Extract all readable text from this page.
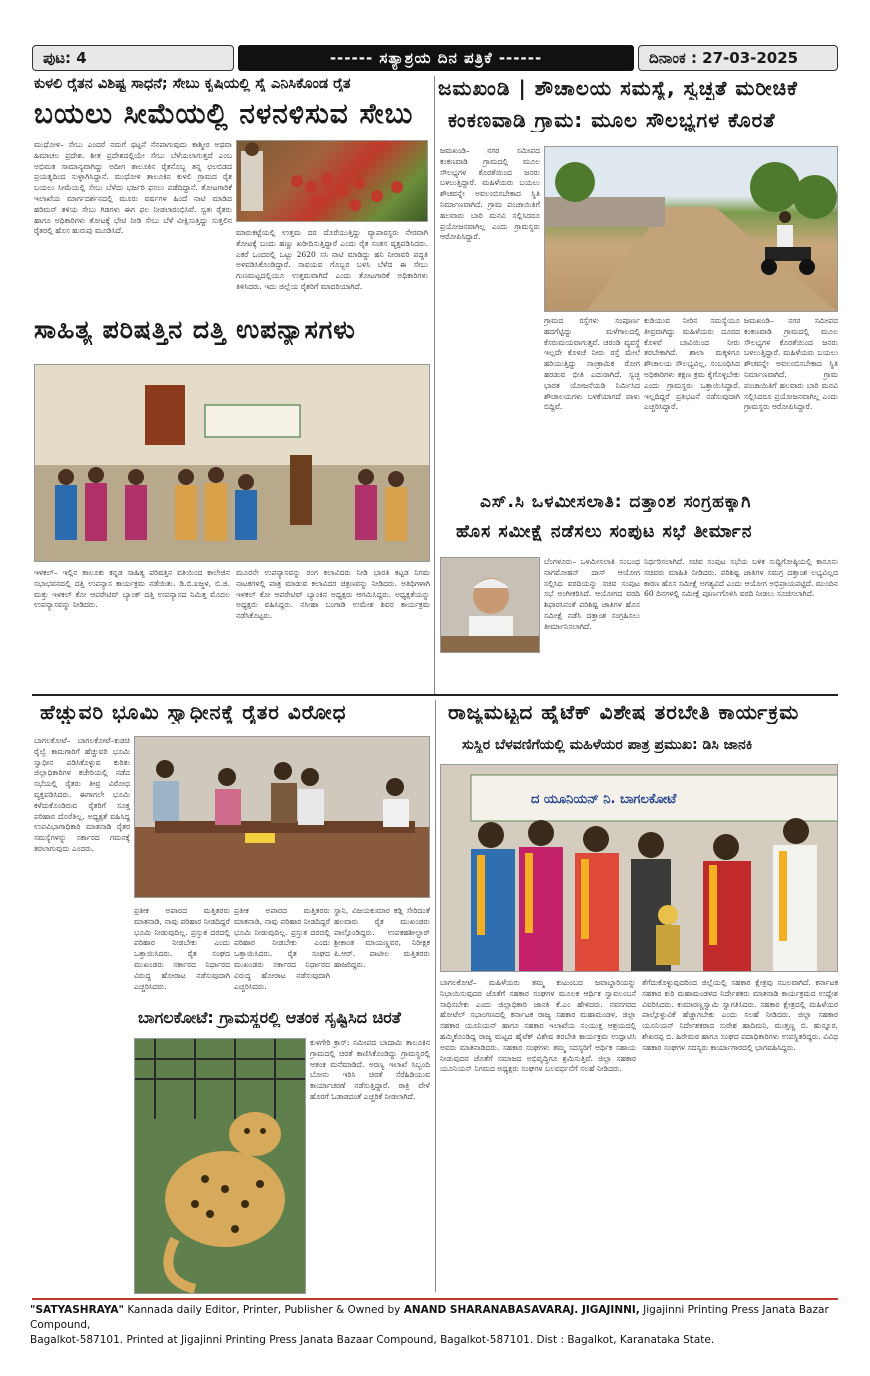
ಪುಟ: 4	------ ಸತ್ಯಾಶ್ರಯ ದಿನ ಪತ್ರಿಕೆ ------	ದಿನಾಂಕ : 27-03-2025
ಕುಳಲಿ ರೈತನ ವಿಶಿಷ್ಟ ಸಾಧನೆ; ಸೇಬು ಕೃಷಿಯಲ್ಲಿ ಸೈ ಎನಿಸಿಕೊಂಡ ರೈತ
ಬಯಲು ಸೀಮೆಯಲ್ಲಿ ನಳನಳಿಸುವ ಸೇಬು
ಮುಧೋಳ– ಸೇಬು ಎಂದರೆ ನಮಗೆ ಥಟ್ಟನೆ ನೆನಪಾಗುವುದು ಕಾಶ್ಮೀರ ಅಥವಾ ಹಿಮಾಚಲ ಪ್ರದೇಶ. ಶೀತ ಪ್ರದೇಶದಲ್ಲಿಯೇ ಸೇಬು ಬೆಳೆಯಲಾಗುತ್ತದೆ ಎಂಬ ಅಭಿಮತ ಸಾಮಾನ್ಯವಾಗಿದ್ದು ಅದೀಗ ತಾಲೂಕಿನ ರೈತನೊಬ್ಬ ತನ್ನ ಛಲಬಿಡದ ಪ್ರಯತ್ನದಿಂದ ಸುಳ್ಳಾಗಿಸಿದ್ದಾನೆ. ಮುಧೋಳ ತಾಲೂಕಿನ ಕುಳಲಿ ಗ್ರಾಮದ ರೈತ ಬಯಲು ಸೀಮೆಯಲ್ಲಿ ಸೇಬು ಬೆಳೆದು ಭರ್ಜರಿ ಫಸಲು ಪಡೆದಿದ್ದಾನೆ. ತೋಟಗಾರಿಕೆ ಇಲಾಖೆಯ ಮಾರ್ಗದರ್ಶನದಲ್ಲಿ ಮೂರು ವರ್ಷಗಳ ಹಿಂದೆ ನಾಟಿ ಮಾಡಿದ ಹರಿಮನ್ ತಳಿಯ ಸೇಬು ಗಿಡಗಳು ಈಗ ಫಲ ನೀಡಲಾರಂಭಿಸಿವೆ. ಸ್ವತಃ ರೈತರು ಹಾಗೂ ಅಧಿಕಾರಿಗಳು ತೋಟಕ್ಕೆ ಭೇಟಿ ನೀಡಿ ಸೇಬು ಬೆಳೆ ವೀಕ್ಷಿಸುತ್ತಿದ್ದು ಸುತ್ತಲಿನ ರೈತರಲ್ಲಿ ಹೊಸ ಹುರುಪು ಮೂಡಿಸಿದೆ.	ಮಾರುಕಟ್ಟೆಯಲ್ಲಿ ಉತ್ತಮ ದರ ದೊರೆಯುತ್ತಿದ್ದು ವ್ಯಾಪಾರಸ್ಥರು ನೇರವಾಗಿ ತೋಟಕ್ಕೆ ಬಂದು ಹಣ್ಣು ಖರೀದಿಸುತ್ತಿದ್ದಾರೆ ಎಂದು ರೈತ ಸಂತಸ ವ್ಯಕ್ತಪಡಿಸಿದರು. ಎಕರೆ ಒಂದರಲ್ಲಿ ಒಟ್ಟು 2620 ಸಸಿ ನಾಟಿ ಮಾಡಿದ್ದು ಹನಿ ನೀರಾವರಿ ಪದ್ಧತಿ ಅಳವಡಿಸಿಕೊಂಡಿದ್ದಾರೆ. ಸಾವಯವ ಗೊಬ್ಬರ ಬಳಸಿ ಬೆಳೆದ ಈ ಸೇಬು ಗುಣಮಟ್ಟದಲ್ಲಿಯೂ ಉತ್ತಮವಾಗಿದೆ ಎಂದು ತೋಟಗಾರಿಕೆ ಅಧಿಕಾರಿಗಳು ತಿಳಿಸಿದರು. ಇದು ಜಿಲ್ಲೆಯ ರೈತರಿಗೆ ಮಾದರಿಯಾಗಿದೆ.
ಸಾಹಿತ್ಯ ಪರಿಷತ್ತಿನ ದತ್ತಿ ಉಪನ್ಯಾಸಗಳು
ಇಳಕಲ್– ಇಲ್ಲಿನ ತಾಲೂಕು ಕನ್ನಡ ಸಾಹಿತ್ಯ ಪರಿಷತ್ತಿನ ವತಿಯಿಂದ ಕಾಲೇಜಿನ ಸಭಾಭವನದಲ್ಲಿ ದತ್ತಿ ಉಪನ್ಯಾಸ ಕಾರ್ಯಕ್ರಮ ನಡೆಯಿತು. ಡಿ.ಬಿ.ಐಜ್ಜಳ, ಬಿ.ಜಿ. ಮತ್ತು ಇಳಕಲ್ ಕೋ ಆಪರೇಟಿವ್ ಬ್ಯಾಂಕ್ ದತ್ತಿ ಉಪನ್ಯಾಸದ ನಿಮಿತ್ತ ಮೊದಲ ಉಪನ್ಯಾಸವನ್ನು ನೀಡಿದರು.
ಮೂರನೇ ಉಪನ್ಯಾಸವನ್ನು ರಂಗ ಕಲಾವಿದರು ನೀಡಿ ಭಾರತಿ ಕಟ್ಟಡ ನಿಗಮ ನಾಟಕಗಳಲ್ಲಿ ಪಾತ್ರ ಮಾಡುವ ಕಲಾವಿದರ ಚಿತ್ರಣವನ್ನು ನೀಡಿದರು. ಅತಿಥಿಗಳಾಗಿ ಇಳಕಲ್ ಕೋ ಆಪರೇಟಿವ್ ಬ್ಯಾಂಕಿನ ಅಧ್ಯಕ್ಷರು ಆಗಮಿಸಿದ್ದರು. ಅಧ್ಯಕ್ಷತೆಯನ್ನು ಅಧ್ಯಕ್ಷರು ವಹಿಸಿದ್ದರು. ನಸೀಹಾ ಬಂಗಾಡಿ ಉಮೇಶ ಶಿವರ ಕಾರ್ಯಕ್ರಮ ನಡೆಸಿಕೊಟ್ಟರು.
ಜಮಖಂಡಿ | ಶೌಚಾಲಯ ಸಮಸ್ಯೆ, ಸ್ವಚ್ಛತೆ ಮರೀಚಿಕೆ
ಕಂಕಣವಾಡಿ ಗ್ರಾಮ: ಮೂಲ ಸೌಲಭ್ಯಗಳ ಕೊರತೆ
ಜಮಖಂಡಿ– ನಗರ ಸಮೀಪದ ಕಂಕಣವಾಡಿ ಗ್ರಾಮದಲ್ಲಿ ಮೂಲ ಸೌಲಭ್ಯಗಳ ಕೊರತೆಯಿಂದ ಜನರು ಬಳಲುತ್ತಿದ್ದಾರೆ. ಮಹಿಳೆಯರು ಬಯಲು ಶೌಚವನ್ನೇ ಅವಲಂಬಿಸಬೇಕಾದ ಸ್ಥಿತಿ ನಿರ್ಮಾಣವಾಗಿದೆ. ಗ್ರಾಮ ಪಂಚಾಯಿತಿಗೆ ಹಲವಾರು ಬಾರಿ ಮನವಿ ಸಲ್ಲಿಸಿದರೂ ಪ್ರಯೋಜನವಾಗಿಲ್ಲ ಎಂದು ಗ್ರಾಮಸ್ಥರು ಆರೋಪಿಸಿದ್ದಾರೆ.
ಗ್ರಾಮದ ರಸ್ತೆಗಳು ಸಂಪೂರ್ಣ ಹದಗೆಟ್ಟಿದ್ದು ಮಳೆಗಾಲದಲ್ಲಿ ಕೆಸರುಮಯವಾಗುತ್ತವೆ. ಚರಂಡಿ ವ್ಯವಸ್ಥೆ ಇಲ್ಲದೇ ಕೊಳಚೆ ನೀರು ರಸ್ತೆ ಮೇಲೆ ಹರಿಯುತ್ತಿದ್ದು ಸಾಂಕ್ರಾಮಿಕ ರೋಗ ಹರಡುವ ಭೀತಿ ಎದುರಾಗಿದೆ. ಸ್ವಚ್ಛ ಭಾರತ ಯೋಜನೆಯಡಿ ನಿರ್ಮಿಸಿದ ಶೌಚಾಲಯಗಳು ಬಳಕೆಯಾಗದೆ ಪಾಳು ಬಿದ್ದಿವೆ.
ಕುಡಿಯುವ ನೀರಿನ ಸಮಸ್ಯೆಯೂ ತೀವ್ರವಾಗಿದ್ದು ಮಹಿಳೆಯರು ದೂರದ ಕೊಳವೆ ಬಾವಿಯಿಂದ ನೀರು ತರಬೇಕಾಗಿದೆ. ಶಾಲಾ ಮಕ್ಕಳಿಗೂ ಶೌಚಾಲಯ ಸೌಲಭ್ಯವಿಲ್ಲ. ಸಂಬಂಧಿಸಿದ ಅಧಿಕಾರಿಗಳು ತಕ್ಷಣ ಕ್ರಮ ಕೈಗೊಳ್ಳಬೇಕು ಎಂದು ಗ್ರಾಮಸ್ಥರು ಒತ್ತಾಯಿಸಿದ್ದಾರೆ. ಇಲ್ಲದಿದ್ದರೆ ಪ್ರತಿಭಟನೆ ನಡೆಸುವುದಾಗಿ ಎಚ್ಚರಿಸಿದ್ದಾರೆ.
ಜಮಖಂಡಿ– ನಗರ ಸಮೀಪದ ಕಂಕಣವಾಡಿ ಗ್ರಾಮದಲ್ಲಿ ಮೂಲ ಸೌಲಭ್ಯಗಳ ಕೊರತೆಯಿಂದ ಜನರು ಬಳಲುತ್ತಿದ್ದಾರೆ. ಮಹಿಳೆಯರು ಬಯಲು ಶೌಚವನ್ನೇ ಅವಲಂಬಿಸಬೇಕಾದ ಸ್ಥಿತಿ ನಿರ್ಮಾಣವಾಗಿದೆ. ಗ್ರಾಮ ಪಂಚಾಯಿತಿಗೆ ಹಲವಾರು ಬಾರಿ ಮನವಿ ಸಲ್ಲಿಸಿದರೂ ಪ್ರಯೋಜನವಾಗಿಲ್ಲ ಎಂದು ಗ್ರಾಮಸ್ಥರು ಆರೋಪಿಸಿದ್ದಾರೆ.
ಎಸ್.ಸಿ ಒಳಮೀಸಲಾತಿ: ದತ್ತಾಂಶ ಸಂಗ್ರಹಕ್ಕಾಗಿ
ಹೊಸ ಸಮೀಕ್ಷೆ ನಡೆಸಲು ಸಂಪುಟ ಸಭೆ ತೀರ್ಮಾನ
ಬೆಂಗಳೂರು– ಒಳಮೀಸಲಾತಿ ಸಂಬಂಧ ನಾಗಮೋಹನ್ ದಾಸ್ ಆಯೋಗ ಸಲ್ಲಿಸಿದ ವರದಿಯನ್ನು ಸಚಿವ ಸಂಪುಟ ಸಭೆ ಅಂಗೀಕರಿಸಿದೆ. ಆಯೋಗದ ವರದಿ ಶಿಫಾರಸಿನಂತೆ ಪರಿಶಿಷ್ಟ ಜಾತಿಗಳ ಹೊಸ ಸಮೀಕ್ಷೆ ನಡೆಸಿ ದತ್ತಾಂಶ ಸಂಗ್ರಹಿಸಲು ತೀರ್ಮಾನಿಸಲಾಗಿದೆ.
ನಿರ್ಧರಿಸಲಾಗಿದೆ. ಸಚಿವ ಸಂಪುಟ ಸಭೆಯ ಬಳಿಕ ಸುದ್ದಿಗೋಷ್ಠಿಯಲ್ಲಿ ಕಾನೂನು ಸಚಿವರು ಮಾಹಿತಿ ನೀಡಿದರು. ಪರಿಶಿಷ್ಟ ಜಾತಿಗಳ ಸಮಗ್ರ ದತ್ತಾಂಶ ಲಭ್ಯವಿಲ್ಲದ ಕಾರಣ ಹೊಸ ಸಮೀಕ್ಷೆ ಅಗತ್ಯವಿದೆ ಎಂದು ಆಯೋಗ ಅಭಿಪ್ರಾಯಪಟ್ಟಿದೆ. ಮುಂದಿನ 60 ದಿನಗಳಲ್ಲಿ ಸಮೀಕ್ಷೆ ಪೂರ್ಣಗೊಳಿಸಿ ವರದಿ ನೀಡಲು ಸೂಚಿಸಲಾಗಿದೆ.
ಹೆಚ್ಚುವರಿ ಭೂಮಿ ಸ್ವಾಧೀನಕ್ಕೆ ರೈತರ ವಿರೋಧ
ಬಾಗಲಕೋಟೆ– ಬಾಗಲಕೋಟೆ–ಕುಡಚಿ ರೈಲ್ವೆ ಕಾಮಗಾರಿಗೆ ಹೆಚ್ಚುವರಿ ಭೂಮಿ ಸ್ವಾಧೀನ ಪಡಿಸಿಕೊಳ್ಳುವ ಕುರಿತು ಜಿಲ್ಲಾಧಿಕಾರಿಗಳ ಕಚೇರಿಯಲ್ಲಿ ನಡೆದ ಸಭೆಯಲ್ಲಿ ರೈತರು ತೀವ್ರ ವಿರೋಧ ವ್ಯಕ್ತಪಡಿಸಿದರು. ಈಗಾಗಲೇ ಭೂಮಿ ಕಳೆದುಕೊಂಡಿರುವ ರೈತರಿಗೆ ಸೂಕ್ತ ಪರಿಹಾರ ದೊರೆತಿಲ್ಲ. ಅಧ್ಯಕ್ಷತೆ ವಹಿಸಿದ್ದ ಉಪವಿಭಾಗಾಧಿಕಾರಿ ಮಾತನಾಡಿ ರೈತರ ಸಮಸ್ಯೆಗಳನ್ನು ಸರ್ಕಾರದ ಗಮನಕ್ಕೆ ತರಲಾಗುವುದು ಎಂದರು.
ಪ್ರತೀಕ ಅಪಾರದ ಮತ್ತಿತರರು ಮಾತನಾಡಿ, ನಾವು ಪರಿಹಾರ ನೀಡದಿದ್ದರೆ ಭೂಮಿ ನೀಡುವುದಿಲ್ಲ. ಪ್ರಸ್ತುತ ದರದಲ್ಲಿ ಪರಿಹಾರ ನೀಡಬೇಕು ಎಂದು ಒತ್ತಾಯಿಸಿದರು. ರೈತ ಸಂಘದ ಮುಖಂಡರು ಸರ್ಕಾರದ ನಿರ್ಧಾರದ ವಿರುದ್ಧ ಹೋರಾಟ ನಡೆಸುವುದಾಗಿ ಎಚ್ಚರಿಸಿದರು.
ಪ್ರತೀಕ ಅಪಾರದ ಮತ್ತಿತರರು ಮಾತನಾಡಿ, ನಾವು ಪರಿಹಾರ ನೀಡದಿದ್ದರೆ ಭೂಮಿ ನೀಡುವುದಿಲ್ಲ. ಪ್ರಸ್ತುತ ದರದಲ್ಲಿ ಪರಿಹಾರ ನೀಡಬೇಕು ಎಂದು ಒತ್ತಾಯಿಸಿದರು. ರೈತ ಸಂಘದ ಮುಖಂಡರು ಸರ್ಕಾರದ ನಿರ್ಧಾರದ ವಿರುದ್ಧ ಹೋರಾಟ ನಡೆಸುವುದಾಗಿ ಎಚ್ಚರಿಸಿದರು.
ಸ್ಥಾನಿ, ವಿಜಯಕುಮಾರ ಕಡ್ಲಿ ಸೇರಿದಂತೆ ಹಲವಾರು ರೈತ ಮುಖಂಡರು ಪಾಲ್ಗೊಂಡಿದ್ದರು. ಉಪತಹಶೀಲ್ದಾರ್ ಶ್ರೀಕಾಂತ ಮಾಯಣ್ಣವರ, ನಿರೀಕ್ಷಕ ಪಿ.ಆರ್. ಪಾಟೀಲ ಮತ್ತಿತರರು ಹಾಜರಿದ್ದರು.
ಬಾಗಲಕೋಟೆ: ಗ್ರಾಮಸ್ಥರಲ್ಲಿ ಆತಂಕ ಸೃಷ್ಟಿಸಿದ ಚಿರತೆ
ಕುಳಗೇರಿ ಕ್ರಾಸ್: ಸಮೀಪದ ಬಾದಾಮಿ ತಾಲೂಕಿನ ಗ್ರಾಮದಲ್ಲಿ ಚಿರತೆ ಕಾಣಿಸಿಕೊಂಡಿದ್ದು ಗ್ರಾಮಸ್ಥರಲ್ಲಿ ಆತಂಕ ಮನೆಮಾಡಿದೆ. ಅರಣ್ಯ ಇಲಾಖೆ ಸಿಬ್ಬಂದಿ ಬೋನು ಇರಿಸಿ ಚಿರತೆ ಸೆರೆಹಿಡಿಯುವ ಕಾರ್ಯಾಚರಣೆ ನಡೆಸುತ್ತಿದ್ದಾರೆ. ರಾತ್ರಿ ವೇಳೆ ಹೊರಗೆ ಓಡಾಡದಂತೆ ಎಚ್ಚರಿಕೆ ನೀಡಲಾಗಿದೆ.
ರಾಜ್ಯಮಟ್ಟದ ಹೈಟೆಕ್ ವಿಶೇಷ ತರಬೇತಿ ಕಾರ್ಯಕ್ರಮ
ಸುಸ್ಥಿರ ಬೆಳವಣಿಗೆಯಲ್ಲಿ ಮಹಿಳೆಯರ ಪಾತ್ರ ಪ್ರಮುಖ: ಡಿಸಿ ಜಾನಕಿ
ದ ಯೂನಿಯನ್ ನಿ. ಬಾಗಲಕೋಟೆ
ಬಾಗಲಕೋಟೆ– ಮಹಿಳೆಯರು ತಮ್ಮ ಕುಟುಂಬದ ಜವಾಬ್ದಾರಿಯನ್ನು ನಿಭಾಯಿಸುವುದರ ಜೊತೆಗೆ ಸಹಕಾರ ಸಂಘಗಳ ಮೂಲಕ ಆರ್ಥಿಕ ಸ್ವಾವಲಂಬನೆ ಸಾಧಿಸಬೇಕು ಎಂದು ಜಿಲ್ಲಾಧಿಕಾರಿ ಜಾನಕಿ ಕೆ.ಎಂ ಹೇಳಿದರು. ನವನಗರದ ಹೋಟೆಲ್ ಸಭಾಂಗಣದಲ್ಲಿ ಕರ್ನಾಟಕ ರಾಜ್ಯ ಸಹಕಾರ ಮಹಾಮಂಡಳ, ಜಿಲ್ಲಾ ಸಹಕಾರ ಯೂನಿಯನ್ ಹಾಗೂ ಸಹಕಾರ ಇಲಾಖೆಯ ಸಂಯುಕ್ತ ಆಶ್ರಯದಲ್ಲಿ ಹಮ್ಮಿಕೊಂಡಿದ್ದ ರಾಜ್ಯ ಮಟ್ಟದ ಹೈಟೆಕ್ ವಿಶೇಷ ತರಬೇತಿ ಕಾರ್ಯಕ್ರಮ ಉದ್ಘಾಟಿಸಿ ಅವರು ಮಾತನಾಡಿದರು. ಸಹಕಾರ ಸಂಘಗಳು ತಮ್ಮ ಸದಸ್ಯರಿಗೆ ಆರ್ಥಿಕ ಸಹಾಯ ನೀಡುವುದರ ಜೊತೆಗೆ ಸಮಾಜದ ಅಭಿವೃದ್ಧಿಗೂ ಶ್ರಮಿಸುತ್ತಿವೆ. ಜಿಲ್ಲಾ ಸಹಕಾರ ಯೂನಿಯನ್ ನಿಗಮದ ಅಧ್ಯಕ್ಷರು ಸಂಘಗಳ ಬಲವರ್ಧನೆಗೆ ಸಲಹೆ ನೀಡಿದರು.
ತೆಗೆದುಕೊಳ್ಳುವುದರಿಂದ ಜಿಲ್ಲೆಯಲ್ಲಿ ಸಹಕಾರ ಕ್ಷೇತ್ರವು ಸಬಲವಾಗಿದೆ. ಕರ್ನಾಟಕ ಸಹಕಾರ ಕುರಿ ಮಹಾಮಂಡಳದ ನಿರ್ದೇಶಕರು ಮಾತನಾಡಿ ಕಾರ್ಯಕ್ರಮದ ಉದ್ದೇಶ ವಿವರಿಸಿದರು. ಕುಮಾರಣ್ಣಸ್ವಾಮಿ ಸ್ವಾಗತಿಸಿದರು. ಸಹಕಾರ ಕ್ಷೇತ್ರದಲ್ಲಿ ಮಹಿಳೆಯರ ಪಾಲ್ಗೊಳ್ಳುವಿಕೆ ಹೆಚ್ಚಾಗಬೇಕು ಎಂದು ಸಲಹೆ ನೀಡಿದರು. ಜಿಲ್ಲಾ ಸಹಕಾರ ಯೂನಿಯನ್ ನಿರ್ದೇಶಕರಾದ ಸುರೇಶ ಹಾದಿಮನಿ, ಮುತ್ತಣ್ಣ ಬಿ. ಹುನ್ನೂರ, ಶೇಖರಪ್ಪ ಬಿ. ಹಿರೇಮಠ ಹಾಗೂ ಸಂಘದ ಪದಾಧಿಕಾರಿಗಳು ಉಪಸ್ಥಿತರಿದ್ದರು. ವಿವಿಧ ಸಹಕಾರ ಸಂಘಗಳ ಸದಸ್ಯರು ಕಾರ್ಯಾಗಾರದಲ್ಲಿ ಭಾಗವಹಿಸಿದ್ದರು.
"SATYASHRAYA" Kannada daily Editor, Printer, Publisher & Owned by ANAND SHARANABASAVARAJ. JIGAJINNI, Jigajinni Printing Press Janata Bazar Compound,
Bagalkot-587101. Printed at Jigajinni Printing Press Janata Bazaar Compound, Bagalkot-587101. Dist : Bagalkot, Karanataka State.
